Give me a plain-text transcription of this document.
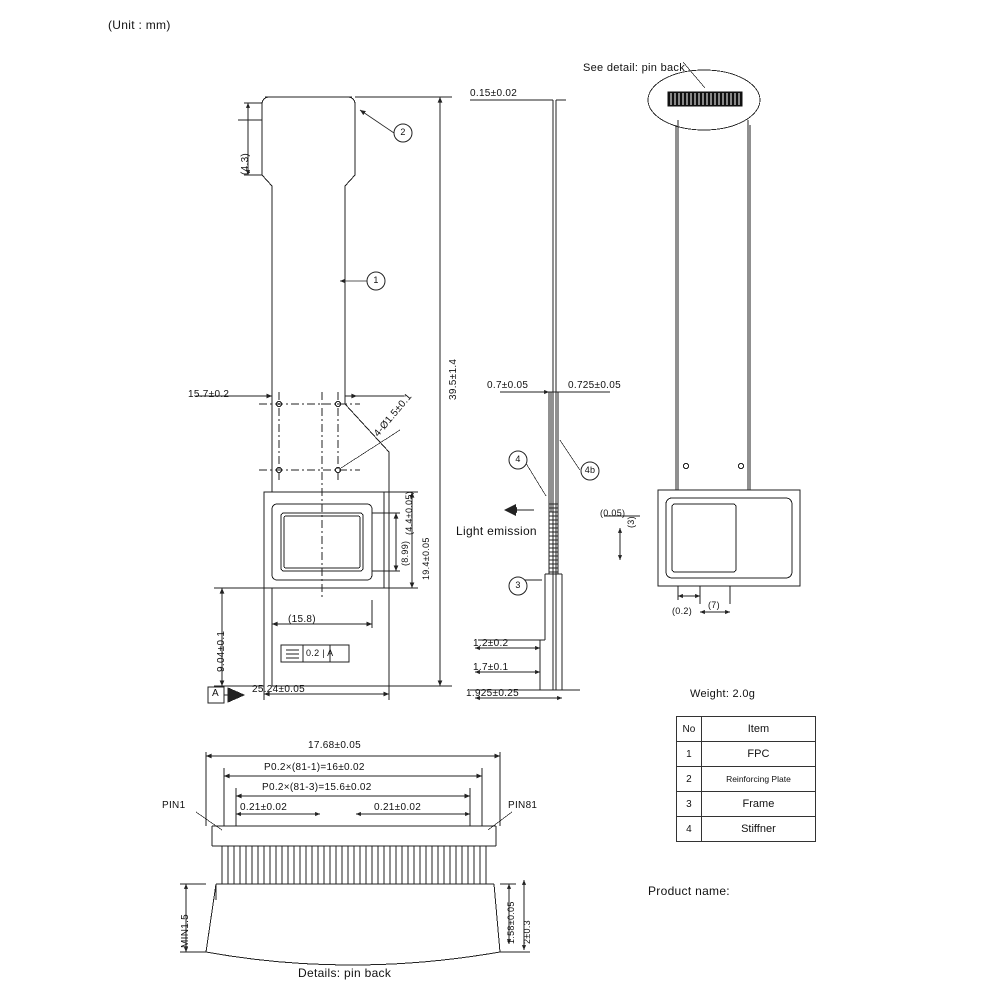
(Unit : mm)
See detail: pin back
Light emission
Details: pin back
Weight: 2.0g
Product name:
1
2
3
4
4b
(4.3)
39.5±1.4
15.7±0.2	4-Ø1.5±0.1
19.4±0.05
(8.99)
(4.4±0.05)
9.04±0.1
(15.8)
0.2 | A
25.24±0.05
A
0.15±0.02
0.7±0.05	0.725±0.05
1.2±0.2
1.7±0.1
1.925±0.25
(0.05)
(3)
(0.2)
(7)
17.68±0.05
P0.2×(81-1)=16±0.02
P0.2×(81-3)=15.6±0.02
0.21±0.02	0.21±0.02
PIN1	PIN81
MIN1.5	1.58±0.05 2±0.3
No	Item
1	FPC
2	Reinforcing Plate
3	Frame
4	Stiffner
